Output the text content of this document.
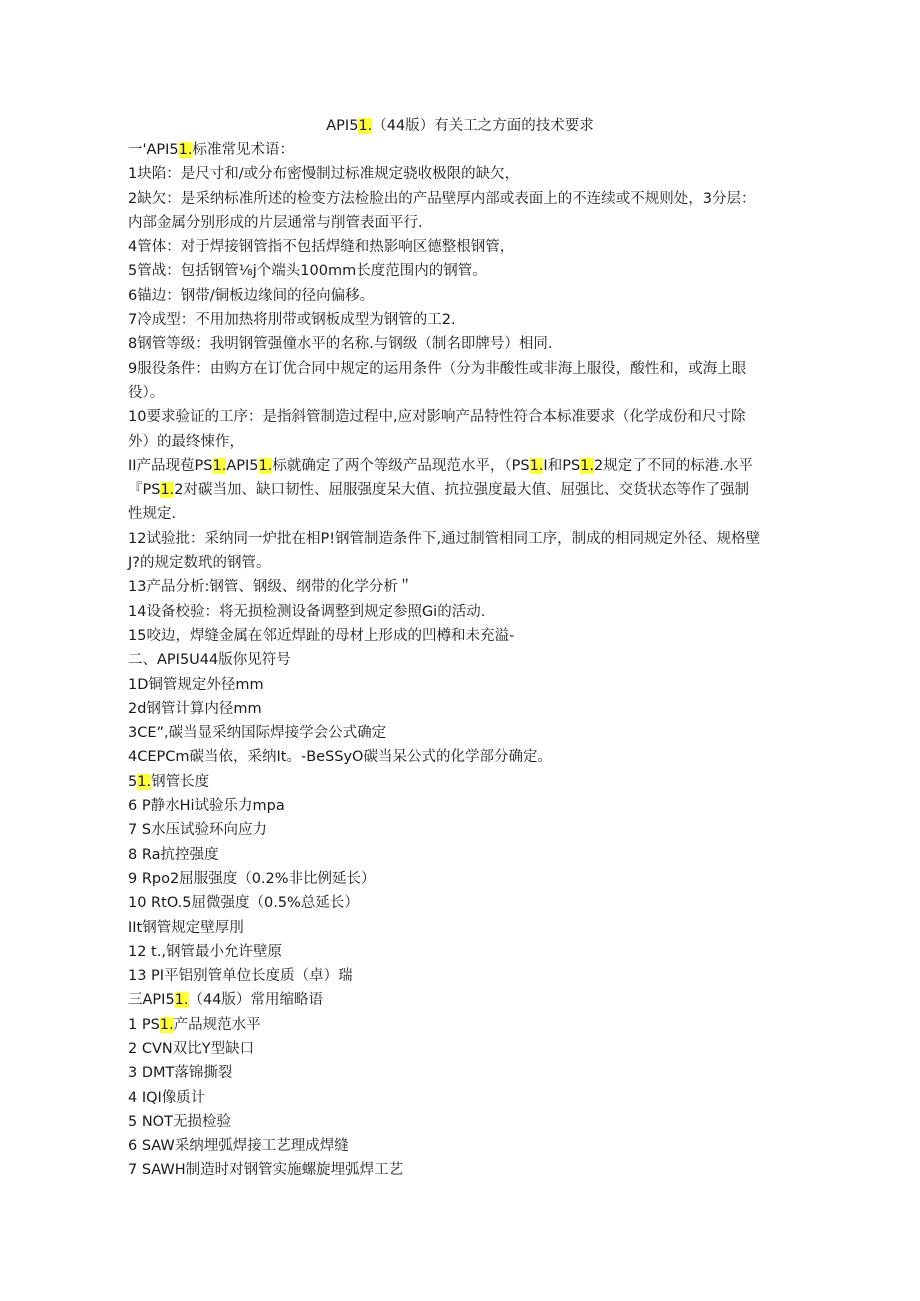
API51.（44版）有关工之方面的技术要求
一'API51.标准常见术语：
1块陷：是尺寸和/或分布密慢制过标准规定骁收极限的缺欠，
2缺欠：是采纳标准所述的检变方法检脸出的产品壁厚内部或表面上的不连续或不规则处，3分层：
内部金属分别形成的片层通常与削管表面平行.
4管体：对于焊接钢管指不包括焊缝和热影响区德整根钢管，
5管战：包括钢管⅛j个端头100mm长度范围内的钢管。
6锚边：钢带/铜板边缘间的径向偏移。
7冷成型：不用加热将刖带或钢板成型为钢管的工2.
8钢管等级：我明钢管强僮水平的名称.与钢级（制名即牌号）相同.
9服役条件：由购方在订优合同中规定的运用条件（分为非酸性或非海上服役，酸性和，或海上眼
役）。
10要求验证的工序：是指斜管制造过程中,应对影响产品特性符合本标准要求（化学成份和尺寸除
外）的最终悚作，
II产品现苞PS1.API51.标就确定了两个等级产品现范水平，（PS1.I和PS1.2规定了不同的标港.水平
『PS1.2对碳当加、缺口韧性、屈服强度呆大值、抗拉强度最大值、屈强比、交货状态等作了强制
性规定.
12试验批：采纳同一炉批在相P!钢管制造条件下,通过制管相同工序，制成的相同规定外径、规格壁
J?的规定数玳的钢管。
13产品分析:钢管、钢级、纲带的化学分析＂
14设备校验：将无损检测设备调整到规定参照Gi的活动.
15咬边，焊缝金属在邻近焊趾的母材上形成的凹樽和未充溢-
二、API5U44版你见符号
1D铜管规定外径mm
2d钢管计算内径mm
3CE”,碳当显采纳国际焊接学会公式确定
4CEPCm碳当依，采纳It。-BeSSyO碳当呆公式的化学部分确定。
51.钢管长度
6 P静水Hi试验乐力mpa
7 S水压试验环向应力
8 Ra抗控强度
9 Rpo2屈服强度（0.2%非比例延长）
10 RtO.5屈微强度（0.5%总延长）
IIt钢管规定壁厚刖
12 t.,钢管最小允许壁原
13 PI平铝别管单位长度质（卓）瑞
三API51.（44版）常用缩略语
1 PS1.产品规范水平
2 CVN双比Y型缺口
3 DMT落锦撕裂
4 IQI像质计
5 NOT无损检验
6 SAW采纳埋弧焊接工艺理成焊缝
7 SAWH制造时对钢管实施螺旋埋弧焊工艺
